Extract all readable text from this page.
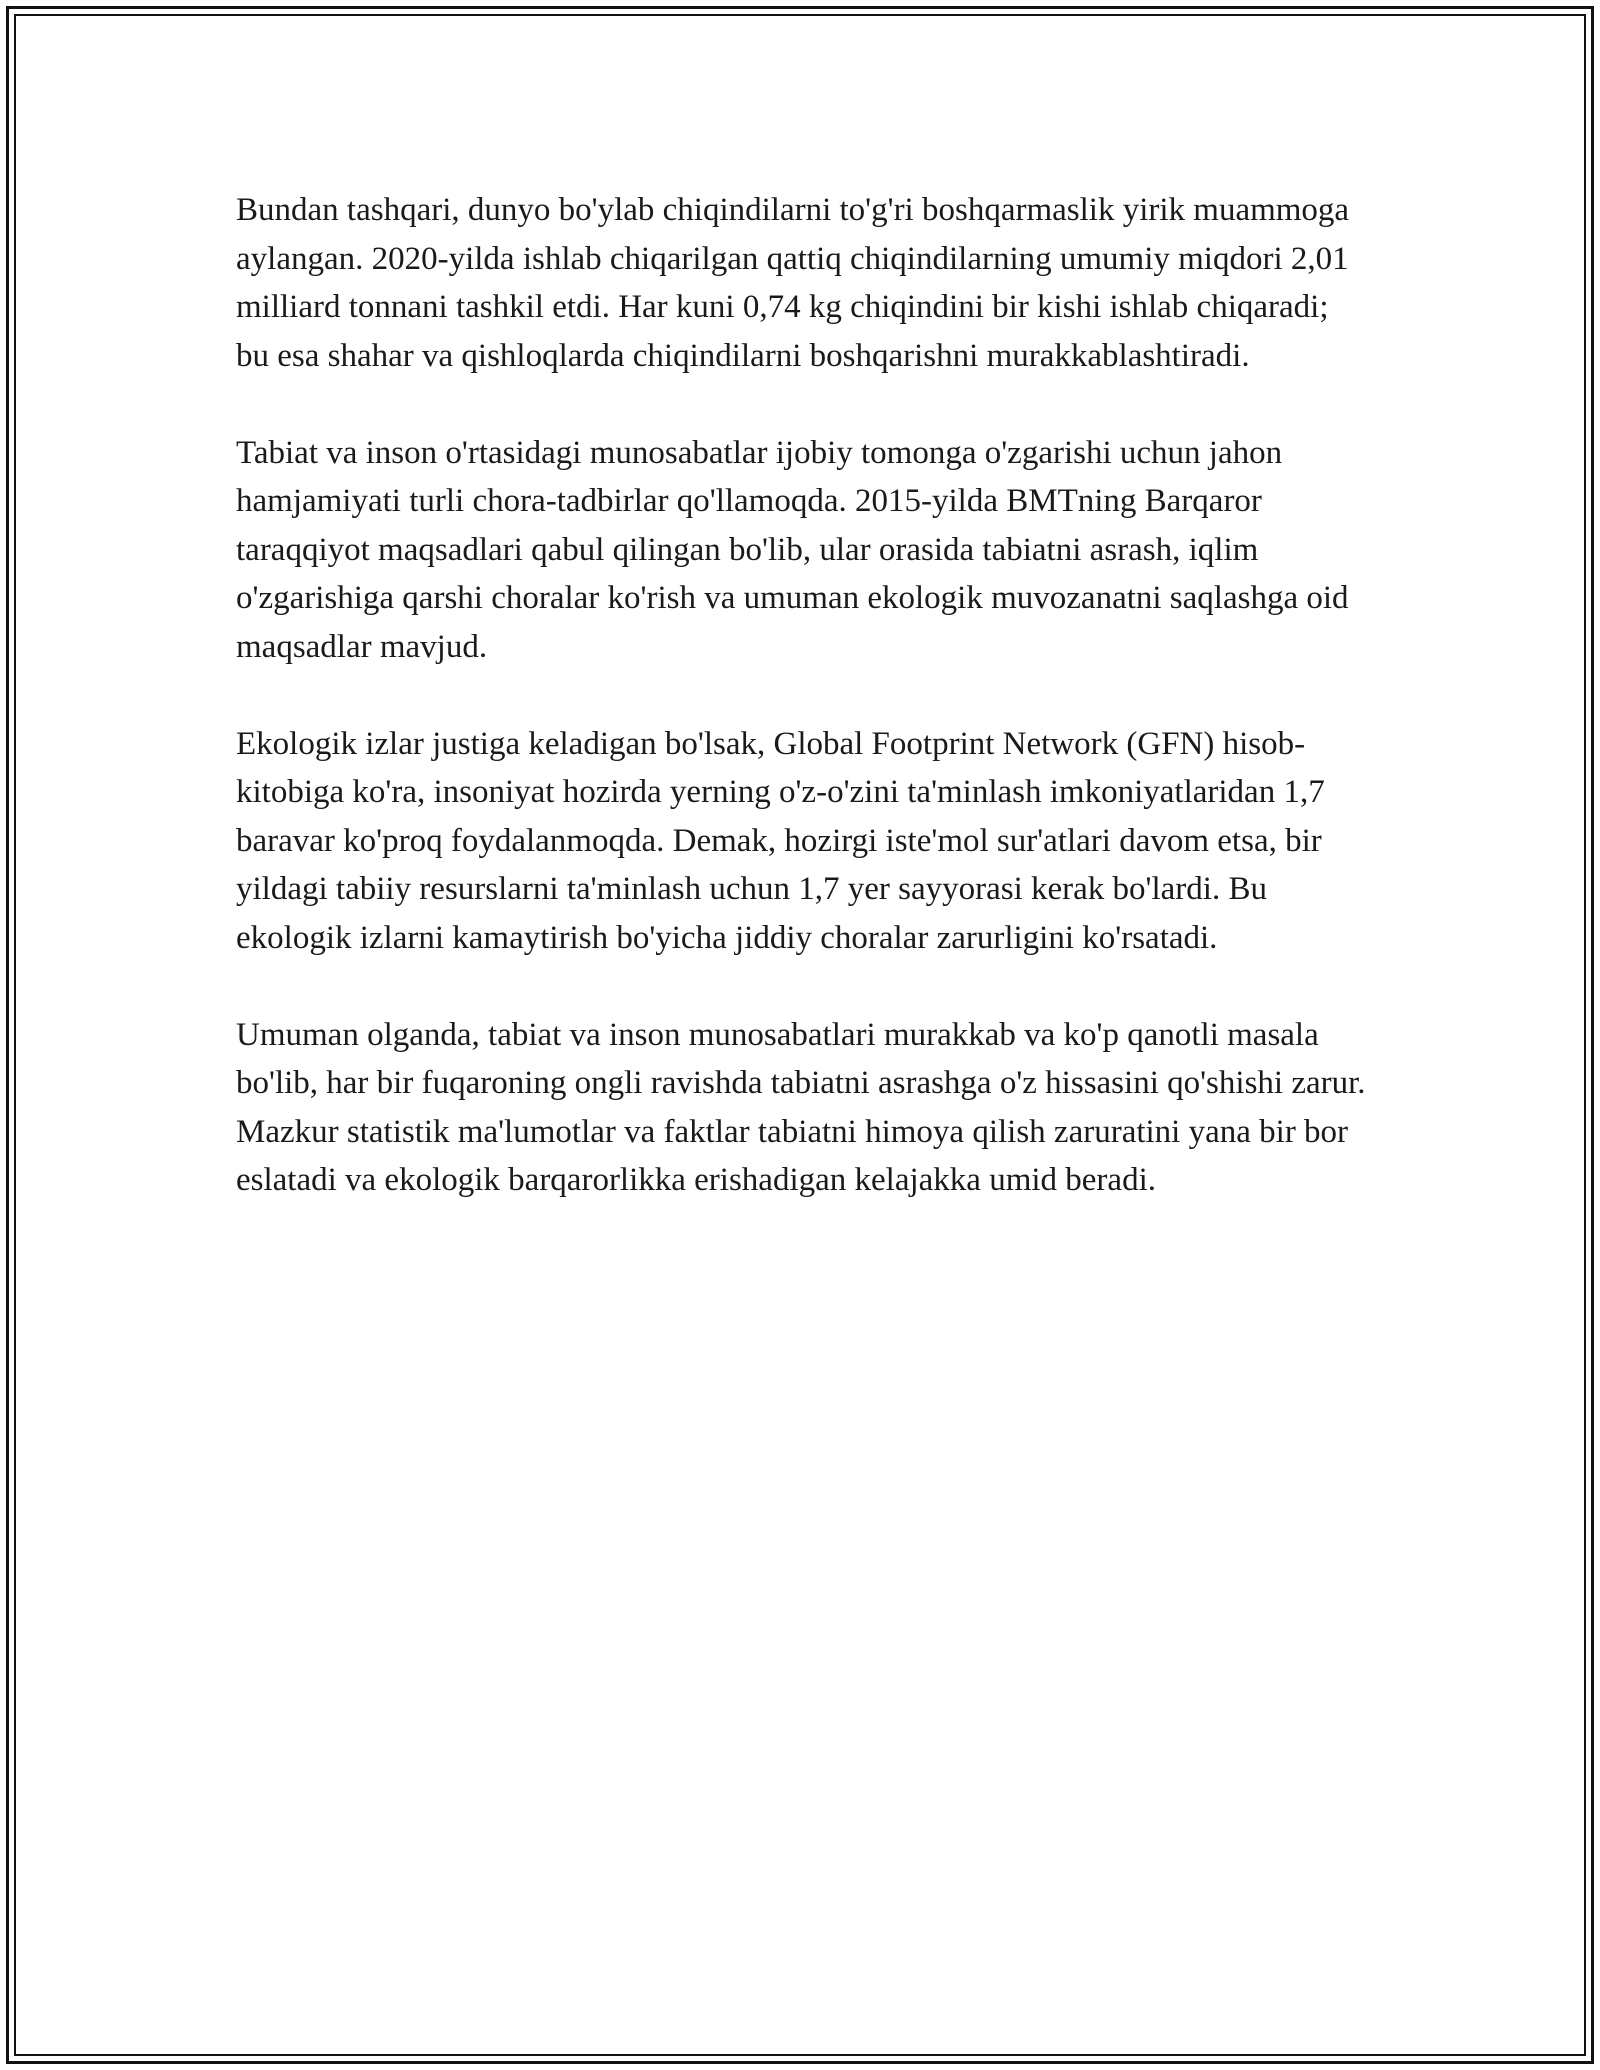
Bundan tashqari, dunyo bo'ylab chiqindilarni to'g'ri boshqarmaslik yirik muammoga aylangan. 2020-yilda ishlab chiqarilgan qattiq chiqindilarning umumiy miqdori 2,01 milliard tonnani tashkil etdi. Har kuni 0,74 kg chiqindini bir kishi ishlab chiqaradi; bu esa shahar va qishloqlarda chiqindilarni boshqarishni murakkablashtiradi.

Tabiat va inson o'rtasidagi munosabatlar ijobiy tomonga o'zgarishi uchun jahon hamjamiyati turli chora-tadbirlar qo'llamoqda. 2015-yilda BMTning Barqaror taraqqiyot maqsadlari qabul qilingan bo'lib, ular orasida tabiatni asrash, iqlim o'zgarishiga qarshi choralar ko'rish va umuman ekologik muvozanatni saqlashga oid maqsadlar mavjud.

Ekologik izlar justiga keladigan bo'lsak, Global Footprint Network (GFN) hisob-kitobiga ko'ra, insoniyat hozirda yerning o'z-o'zini ta'minlash imkoniyatlaridan 1,7 baravar ko'proq foydalanmoqda. Demak, hozirgi iste'mol sur'atlari davom etsa, bir yildagi tabiiy resurslarni ta'minlash uchun 1,7 yer sayyorasi kerak bo'lardi. Bu ekologik izlarni kamaytirish bo'yicha jiddiy choralar zarurligini ko'rsatadi.

Umuman olganda, tabiat va inson munosabatlari murakkab va ko'p qanotli masala bo'lib, har bir fuqaroning ongli ravishda tabiatni asrashga o'z hissasini qo'shishi zarur. Mazkur statistik ma'lumotlar va faktlar tabiatni himoya qilish zaruratini yana bir bor eslatadi va ekologik barqarorlikka erishadigan kelajakka umid beradi.
